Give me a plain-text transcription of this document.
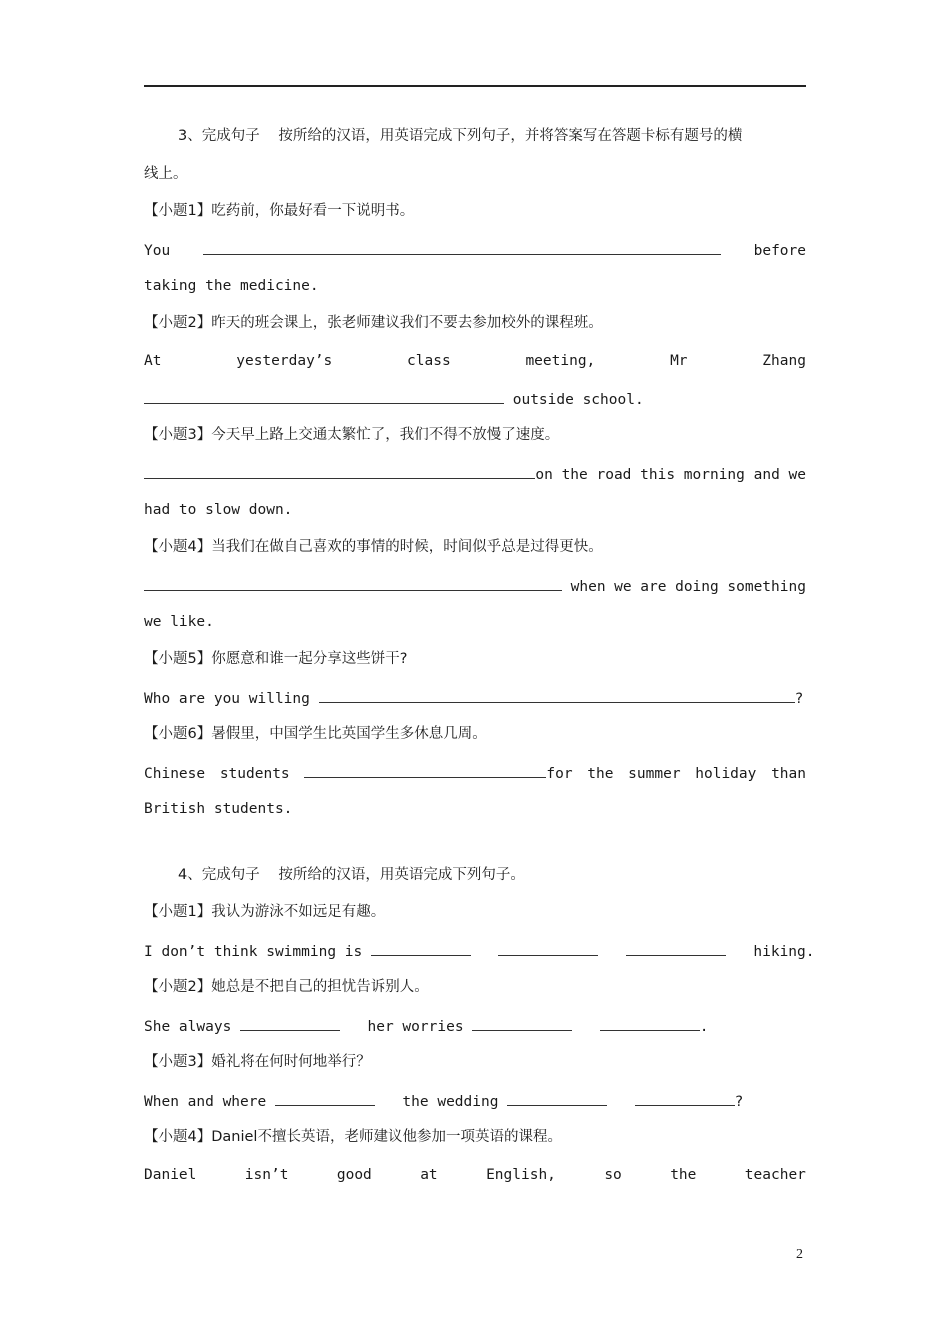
3、完成句子 按所给的汉语，用英语完成下列句子，并将答案写在答题卡标有题号的横
线上。
【小题1】吃药前，你最好看一下说明书。
You	before
taking the medicine.
【小题2】昨天的班会课上，张老师建议我们不要去参加校外的课程班。
At	yesterday’s	class	meeting,	Mr	Zhang
outside school.
【小题3】今天早上路上交通太繁忙了，我们不得不放慢了速度。
on the road this morning and we
had to slow down.
【小题4】当我们在做自己喜欢的事情的时候，时间似乎总是过得更快。
when we are doing something
we like.
【小题5】你愿意和谁一起分享这些饼干?
Who are you willing	?
【小题6】暑假里，中国学生比英国学生多休息几周。
Chinese students	for the summer holiday than
British students.
4、完成句子 按所给的汉语，用英语完成下列句子。
【小题1】我认为游泳不如远足有趣。
I don’t think swimming is	hiking.
【小题2】她总是不把自己的担忧告诉别人。
She always	her worries	.
【小题3】婚礼将在何时何地举行？
When and where	the wedding	?
【小题4】Daniel不擅长英语，老师建议他参加一项英语的课程。
Daniel	isn’t	good	at	English,	so	the	teacher
2
